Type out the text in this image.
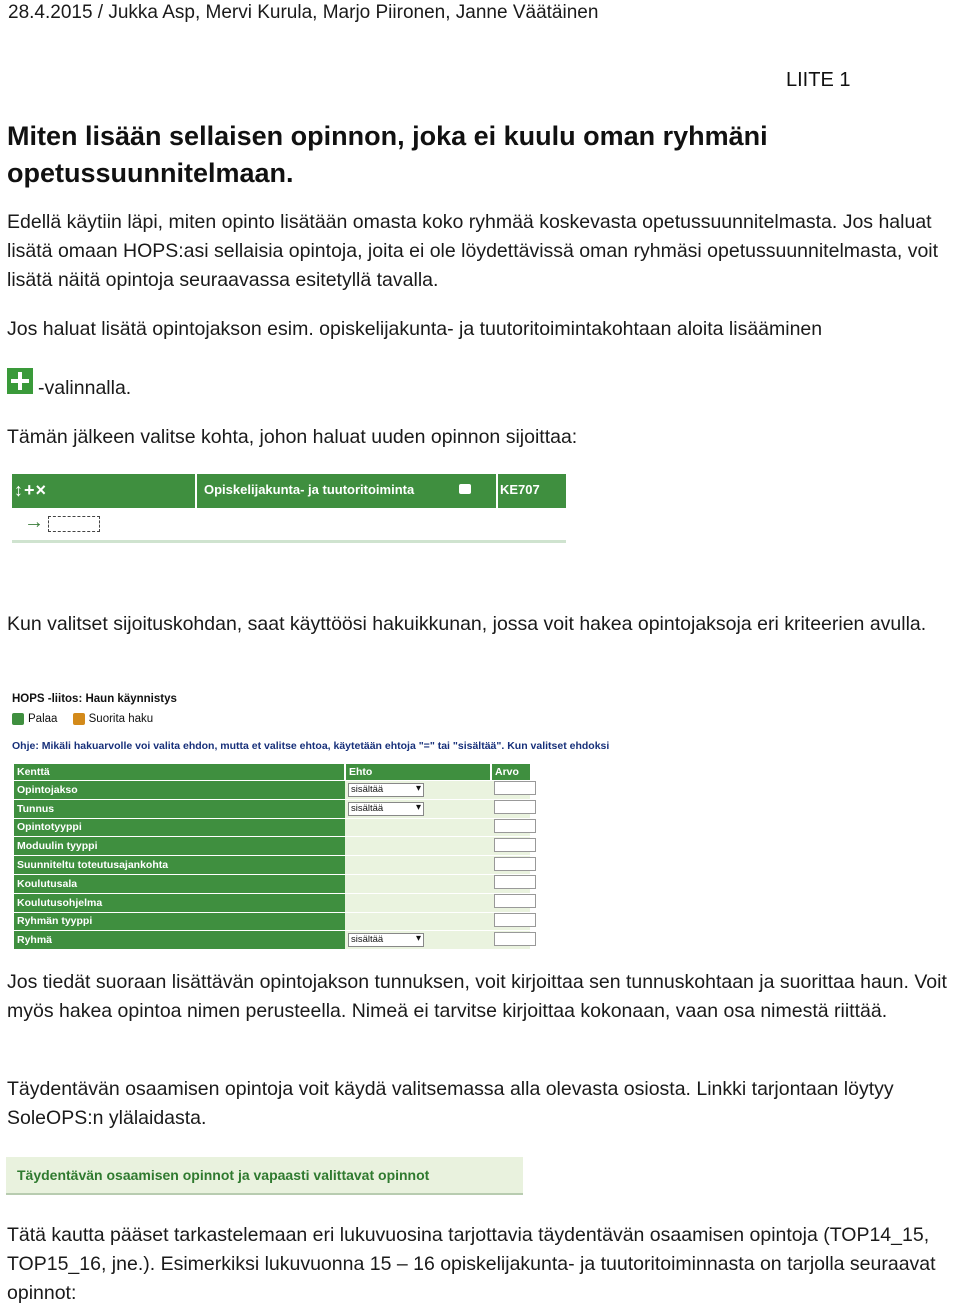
28.4.2015 / Jukka Asp, Mervi Kurula, Marjo Piironen, Janne Väätäinen
LIITE 1
Miten lisään sellaisen opinnon, joka ei kuulu oman ryhmäni opetussuunnitelmaan.
Edellä käytiin läpi, miten opinto lisätään omasta koko ryhmää koskevasta opetussuunnitelmasta. Jos haluat lisätä omaan HOPS:asi sellaisia opintoja, joita ei ole löydettävissä oman ryhmäsi opetussuunnitelmasta, voit lisätä näitä opintoja seuraavassa esitetyllä tavalla.
Jos haluat lisätä opintojakson esim. opiskelijakunta- ja tuutoritoimintakohtaan aloita lisääminen
-valinnalla.
Tämän jälkeen valitse kohta, johon haluat uuden opinnon sijoittaa:
↕+×	Opiskelijakunta- ja tuutoritoiminta	KE707
→
Kun valitset sijoituskohdan, saat käyttöösi hakuikkunan, jossa voit hakea opintojaksoja eri kriteerien avulla.
HOPS -liitos: Haun käynnistys
Palaa
	Suorita haku
Ohje: Mikäli hakuarvolle voi valita ehdon, mutta et valitse ehtoa, käytetään ehtoja "=" tai "sisältää". Kun valitset ehdoksi
Kenttä	Ehto	Arvo
Opintojakso	sisältää ▾	
Tunnus	sisältää ▾	
Opintotyyppi		
Moduulin tyyppi		
Suunniteltu toteutusajankohta		
Koulutusala		
Koulutusohjelma		
Ryhmän tyyppi		
Ryhmä	sisältää ▾	
Jos tiedät suoraan lisättävän opintojakson tunnuksen, voit kirjoittaa sen tunnuskohtaan ja suorittaa haun. Voit myös hakea opintoa nimen perusteella. Nimeä ei tarvitse kirjoittaa kokonaan, vaan osa nimestä riittää.
Täydentävän osaamisen opintoja voit käydä valitsemassa alla olevasta osiosta. Linkki tarjontaan löytyy SoleOPS:n ylälaidasta.
Täydentävän osaamisen opinnot ja vapaasti valittavat opinnot
Tätä kautta pääset tarkastelemaan eri lukuvuosina tarjottavia täydentävän osaamisen opintoja (TOP14_15, TOP15_16, jne.). Esimerkiksi lukuvuonna 15 – 16 opiskelijakunta- ja tuutoritoiminnasta on tarjolla seuraavat opinnot:
